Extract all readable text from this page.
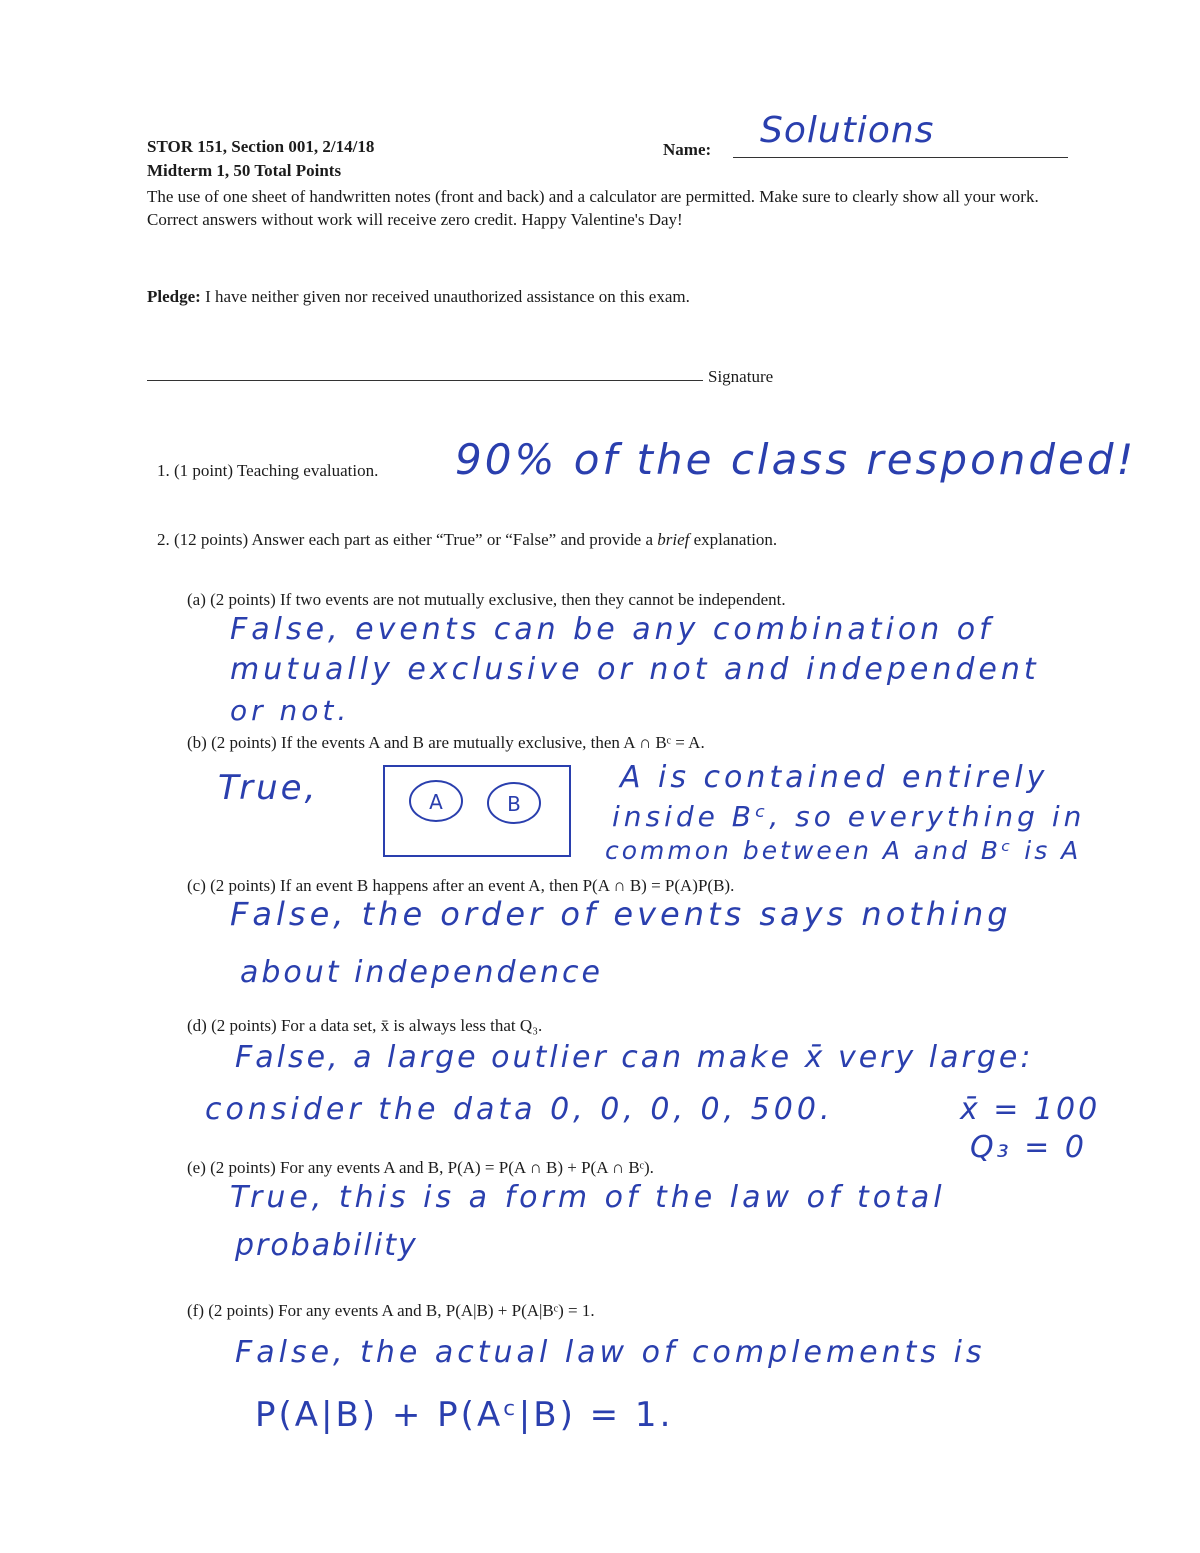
STOR 151, Section 001, 2/14/18	Name: Solutions
Midterm 1, 50 Total Points
The use of one sheet of handwritten notes (front and back) and a calculator are permitted. Make sure to clearly show all your work. Correct answers without work will receive zero credit. Happy Valentine's Day!
Pledge: I have neither given nor received unauthorized assistance on this exam.
Signature
1. (1 point) Teaching evaluation. 90% of the class responded!
2. (12 points) Answer each part as either “True” or “False” and provide a brief explanation.
(a) (2 points) If two events are not mutually exclusive, then they cannot be independent.
False, events can be any combination of
mutually exclusive or not and independent
or not.
(b) (2 points) If the events A and B are mutually exclusive, then A ∩ Bᶜ = A.
True,	A	B
A is contained entirely
inside Bᶜ, so everything in
common between A and Bᶜ is A
(c) (2 points) If an event B happens after an event A, then P(A ∩ B) = P(A)P(B).
False, the order of events says nothing
about independence
(d) (2 points) For a data set, x̄ is always less that Q₃.
False, a large outlier can make x̄ very large:
consider the data 0, 0, 0, 0, 500.	x̄ = 100
Q₃ = 0
(e) (2 points) For any events A and B, P(A) = P(A ∩ B) + P(A ∩ Bᶜ).
True, this is a form of the law of total
probability
(f) (2 points) For any events A and B, P(A|B) + P(A|Bᶜ) = 1.
False, the actual law of complements is
P(A|B) + P(Aᶜ|B) = 1.
